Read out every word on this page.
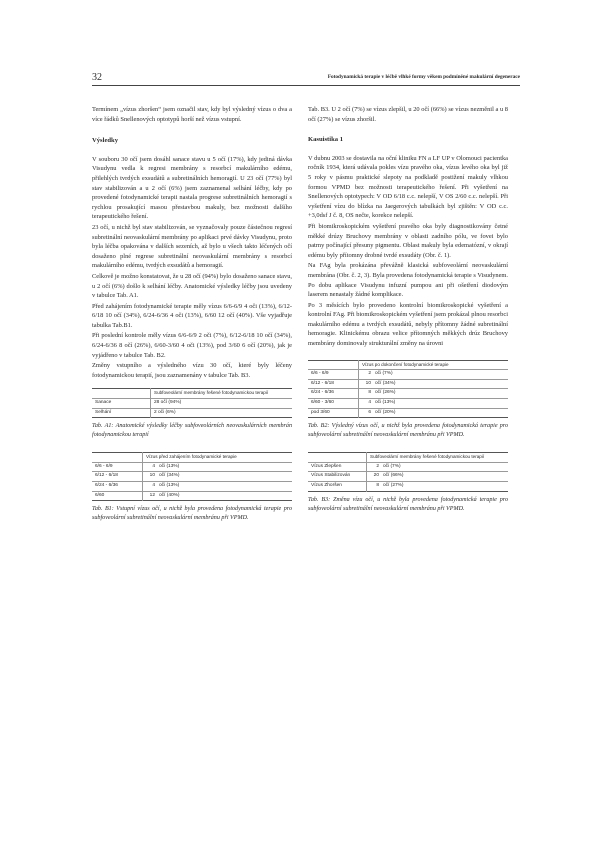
32	Fotodynamická terapie v léčbě vlhké formy věkem podmíněné makulární degenerace

Termínem „vízus zhoršen“ jsem označil stav, kdy byl výsledný vízus o dva a více řádků Snellenových optotypů horší než vízus vstupní.

Výsledky

V souboru 30 očí jsem dosáhl sanace stavu u 5 očí (17%), kdy jediná dávka Visudynu vedla k regresi membrány s resorbcí makulárního edému, přilehlých tvrdých exsudátů a subretinálních hemoragií. U 23 očí (77%) byl stav stabilizován a u 2 očí (6%) jsem zaznamenal selhání léčby, kdy po provedené fotodynamické terapii nastala progrese subretinálních hemoragií s rychlou prosakující masou přestavbou makuly, bez možnosti dalšího terapeutického řešení.

23 očí, u nichž byl stav stabilizován, se vyznačovaly pouze částečnou regresí subretinální neovaskulární membrány po aplikaci prvé dávky Visudynu, proto byla léčba opakována v dalších sezeních, až bylo u všech takto léčených očí dosaženo plné regrese subretinální neovaskulární membrány s resorbcí makulárního edému, tvrdých exsudátů a hemoragií.

Celkově je možno konstatovat, že u 28 očí (94%) bylo dosaženo sanace stavu, u 2 očí (6%) došlo k selhání léčby. Anatomické výsledky léčby jsou uvedeny v tabulce Tab. A1.

Před zahájením fotodynamické terapie měly vízus 6/6-6/9 4 oči (13%), 6/12-6/18 10 očí (34%), 6/24-6/36 4 oči (13%), 6/60 12 očí (40%). Vše vyjadřuje tabulka Tab.B1.

Při poslední kontrole měly vízus 6/6-6/9 2 oči (7%), 6/12-6/18 10 očí (34%), 6/24-6/36 8 očí (26%), 6/60-3/60 4 oči (13%), pod 3/60 6 očí (20%), jak je vyjádřeno v tabulce Tab. B2.

Změny vstupního a výsledného vízu 30 očí, které byly léčeny fotodynamickou terapií, jsou zaznamenány v tabulce Tab. B3.

	Subfoveolární membrány řešené fotodynamickou terapií
Sanace	28 očí (94%)
Selhání	2 oči (6%)
Tab. A1: Anatomické výsledky léčby subfoveolárních neovaskulárních membrán fotodynamickou terapií
	Vízus před zahájením fotodynamické terapie	
6/6 - 6/9	4	oči (13%)
6/12 - 6/18	10	očí (34%)
6/24 - 6/36	4	oči (13%)
6/60	12	očí (40%)
Tab. B1: Vstupní vízus očí, u nichž byla provedena fotodynamická terapie pro subfoveolární subretinální neovaskulární membránu při VPMD.

Tab. B3. U 2 očí (7%) se vízus zlepšil, u 20 očí (66%) se vízus nezměnil a u 8 očí (27%) se vízus zhoršil.

Kasuistika 1

V dubnu 2003 se dostavila na oční kliniku FN a LF UP v Olomouci pacientka ročník 1934, která udávala pokles vízu pravého oka, vízus levého oka byl již 5 roky v pásmu praktické slepoty na podkladě postižení makuly vlhkou formou VPMD bez možnosti terapeutického řešení. Při vyšetření na Snellenových optotypech: V OD 6/18 c.c. nelepší, V OS 2/60 c.c. nelepší. Při vyšetření vízu do blízka na Jaegerových tabulkách byl zjištěn: V OD c.c. +3,0dsf J č. 8, OS nečte, korekce nelepší.

Při biomikroskopickém vyšetření pravého oka byly diagnostikovány četné měkké drúzy Bruchovy membrány v oblasti zadního pólu, ve fovei bylo patrny počínající přesuny pigmentu. Oblast makuly byla edematózní, v okrají edému byly přítomny drobné tvrdé exsudáty (Obr. č. 1).

Na FAg byla prokázána převážně klasická subfoveolární neovaskulární membrána (Obr. č. 2, 3). Byla provedena fotodynamická terapie s Visudynem. Po dobu aplikace Visudynu infuzní pumpou ani při ošetření diodovým laserem nenastaly žádné komplikace.

Po 3 měsících bylo provedeno kontrolní biomikroskopické vyšetření a kontrolní FAg. Při biomikroskopickém vyšetření jsem prokázal plnou resorbci makulárního edému a tvrdých exsudátů, nebyly přítomny žádné subretinální hemoragie. Klinickému obrazu velice přítomných měkkých drúz Bruchovy membrány dominovaly strukturální změny na úrovni

	Vízus po dokončení fotodynamické terapie	
6/6 - 6/9	2	oči (7%)
6/12 - 6/18	10	očí (34%)
6/24 - 6/36	8	očí (26%)
6/60 - 3/60	4	oči (13%)
pod 3/60	6	očí (20%)
Tab. B2: Výsledný vízus očí, u nichž byla provedena fotodynamická terapie pro subfoveolární subretinální neovaskulární membránu při VPMD.
	Subfoveolární membrány řešené fotodynamickou terapií	
Vízus Zlepšen	2	oči (7%)
Vízus Stabilizován	20	očí (66%)
Vízus Zhoršen	8	očí (27%)
Tab. B3: Změna vízu očí, u nichž byla provedena fotodynamická terapie pro subfoveolární subretinální neovaskulární membránu při VPMD.
